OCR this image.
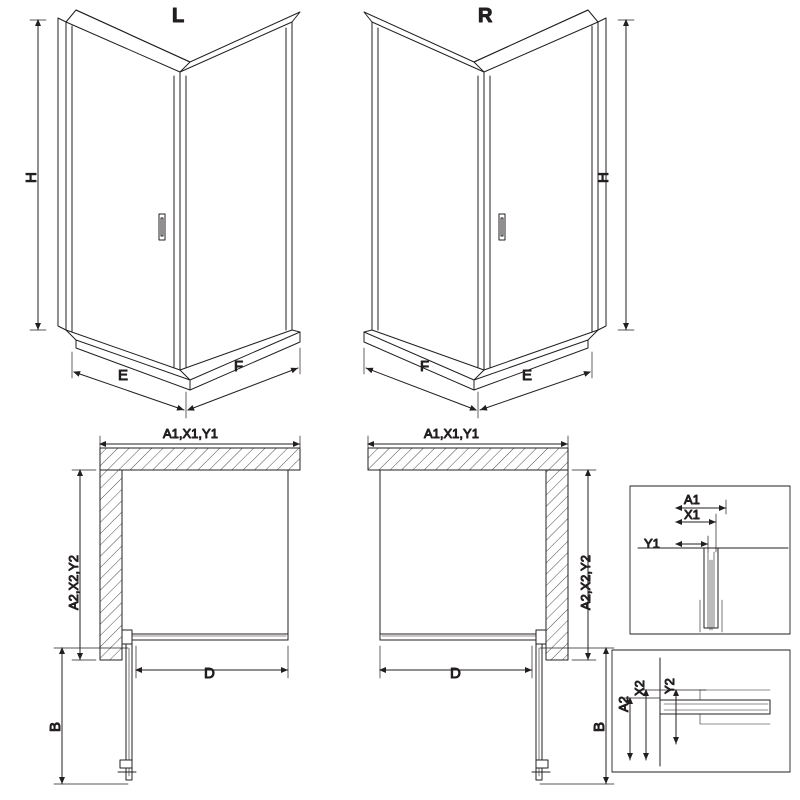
L
H
E
F
R
H
E
F
A1,X1,Y1
A2,X2,Y2
D
B
A1,X1,Y1
A2,X2,Y2
D
B
A1
X1
Y1
A2
X2 Y2
